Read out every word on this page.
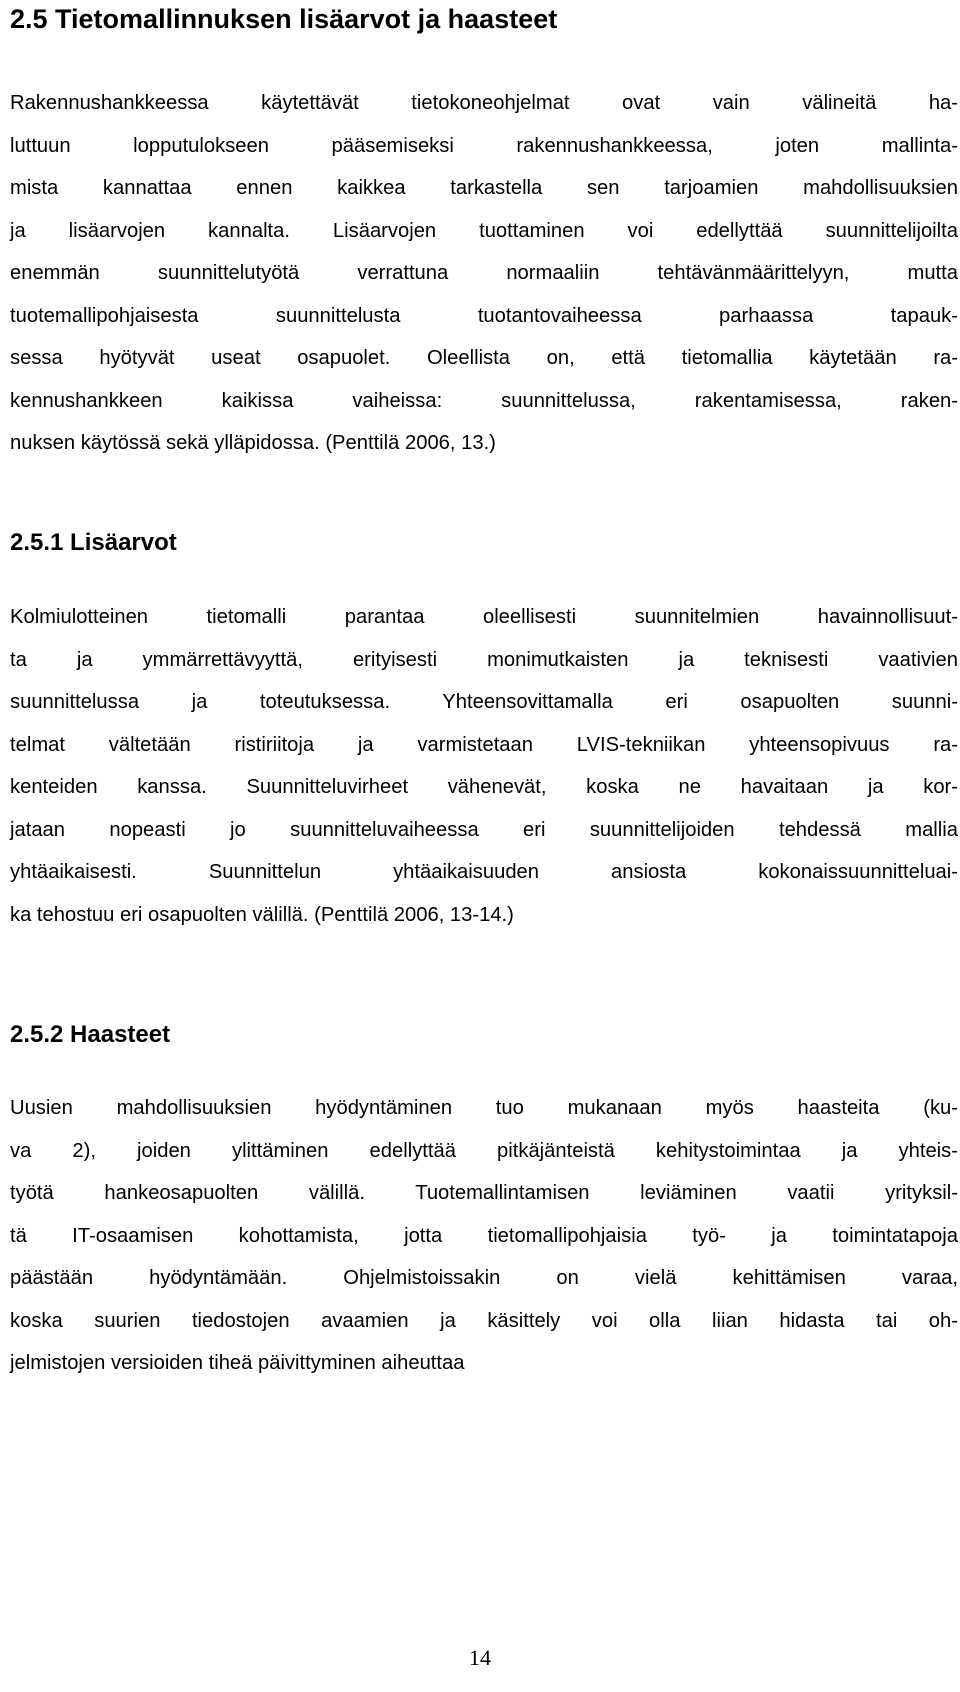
2.5 Tietomallinnuksen lisäarvot ja haasteet
Rakennushankkeessa käytettävät tietokoneohjelmat ovat vain välineitä ha-
luttuun lopputulokseen pääsemiseksi rakennushankkeessa, joten mallinta-
mista kannattaa ennen kaikkea tarkastella sen tarjoamien mahdollisuuksien
ja lisäarvojen kannalta. Lisäarvojen tuottaminen voi edellyttää suunnittelijoilta
enemmän suunnittelutyötä verrattuna normaaliin tehtävänmäärittelyyn, mutta
tuotemallipohjaisesta suunnittelusta tuotantovaiheessa parhaassa tapauk-
sessa hyötyvät useat osapuolet. Oleellista on, että tietomallia käytetään ra-
kennushankkeen kaikissa vaiheissa: suunnittelussa, rakentamisessa, raken-
nuksen käytössä sekä ylläpidossa. (Penttilä 2006, 13.)
2.5.1 Lisäarvot
Kolmiulotteinen tietomalli parantaa oleellisesti suunnitelmien havainnollisuut-
ta ja ymmärrettävyyttä, erityisesti monimutkaisten ja teknisesti vaativien
suunnittelussa ja toteutuksessa. Yhteensovittamalla eri osapuolten suunni-
telmat vältetään ristiriitoja ja varmistetaan LVIS-tekniikan yhteensopivuus ra-
kenteiden kanssa. Suunnitteluvirheet vähenevät, koska ne havaitaan ja kor-
jataan nopeasti jo suunnitteluvaiheessa eri suunnittelijoiden tehdessä mallia
yhtäaikaisesti. Suunnittelun yhtäaikaisuuden ansiosta kokonaissuunnitteluai-
ka tehostuu eri osapuolten välillä. (Penttilä 2006, 13-14.)
2.5.2 Haasteet
Uusien mahdollisuuksien hyödyntäminen tuo mukanaan myös haasteita (ku-
va 2), joiden ylittäminen edellyttää pitkäjänteistä kehitystoimintaa ja yhteis-
työtä hankeosapuolten välillä. Tuotemallintamisen leviäminen vaatii yrityksil-
tä IT-osaamisen kohottamista, jotta tietomallipohjaisia työ- ja toimintatapoja
päästään hyödyntämään. Ohjelmistoissakin on vielä kehittämisen varaa,
koska suurien tiedostojen avaamien ja käsittely voi olla liian hidasta tai oh-
jelmistojen versioiden tiheä päivittyminen aiheuttaa
14
